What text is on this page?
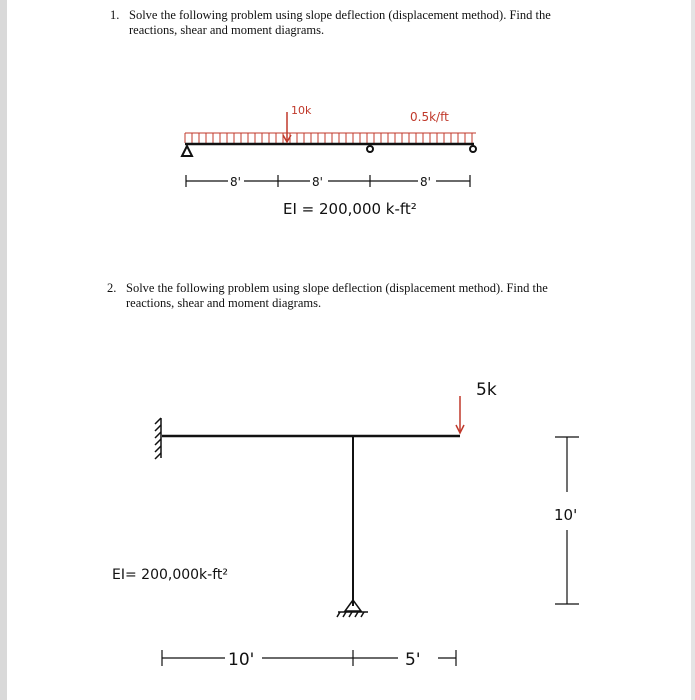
1. Solve the following problem using slope deflection (displacement method). Find the reactions, shear and moment diagrams.
2. Solve the following problem using slope deflection (displacement method). Find the reactions, shear and moment diagrams.
10k	0.5k/ft
8'	8'	8'
EI = 200,000 k-ft²
5k
10'
EI= 200,000k-ft²
10'	5'
